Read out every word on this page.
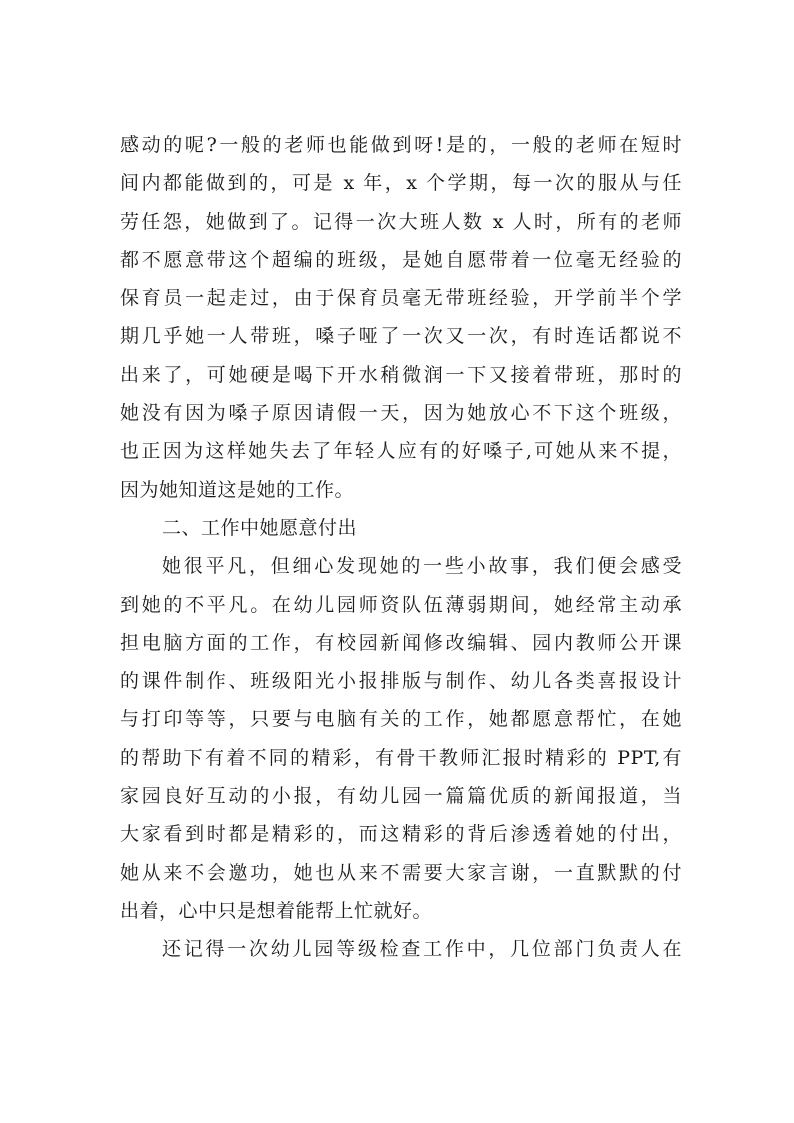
感动的呢?一般的老师也能做到呀!是的，一般的老师在短时
间内都能做到的，可是 x 年，x 个学期，每一次的服从与任
劳任怨，她做到了。记得一次大班人数 x 人时，所有的老师
都不愿意带这个超编的班级，是她自愿带着一位毫无经验的
保育员一起走过，由于保育员毫无带班经验，开学前半个学
期几乎她一人带班，嗓子哑了一次又一次，有时连话都说不
出来了，可她硬是喝下开水稍微润一下又接着带班，那时的
她没有因为嗓子原因请假一天，因为她放心不下这个班级，
也正因为这样她失去了年轻人应有的好嗓子,可她从来不提，
因为她知道这是她的工作。
二、工作中她愿意付出
她很平凡，但细心发现她的一些小故事，我们便会感受
到她的不平凡。在幼儿园师资队伍薄弱期间，她经常主动承
担电脑方面的工作，有校园新闻修改编辑、园内教师公开课
的课件制作、班级阳光小报排版与制作、幼儿各类喜报设计
与打印等等，只要与电脑有关的工作，她都愿意帮忙，在她
的帮助下有着不同的精彩，有骨干教师汇报时精彩的 PPT,有
家园良好互动的小报，有幼儿园一篇篇优质的新闻报道，当
大家看到时都是精彩的，而这精彩的背后渗透着她的付出，
她从来不会邀功，她也从来不需要大家言谢，一直默默的付
出着，心中只是想着能帮上忙就好。
还记得一次幼儿园等级检查工作中，几位部门负责人在
